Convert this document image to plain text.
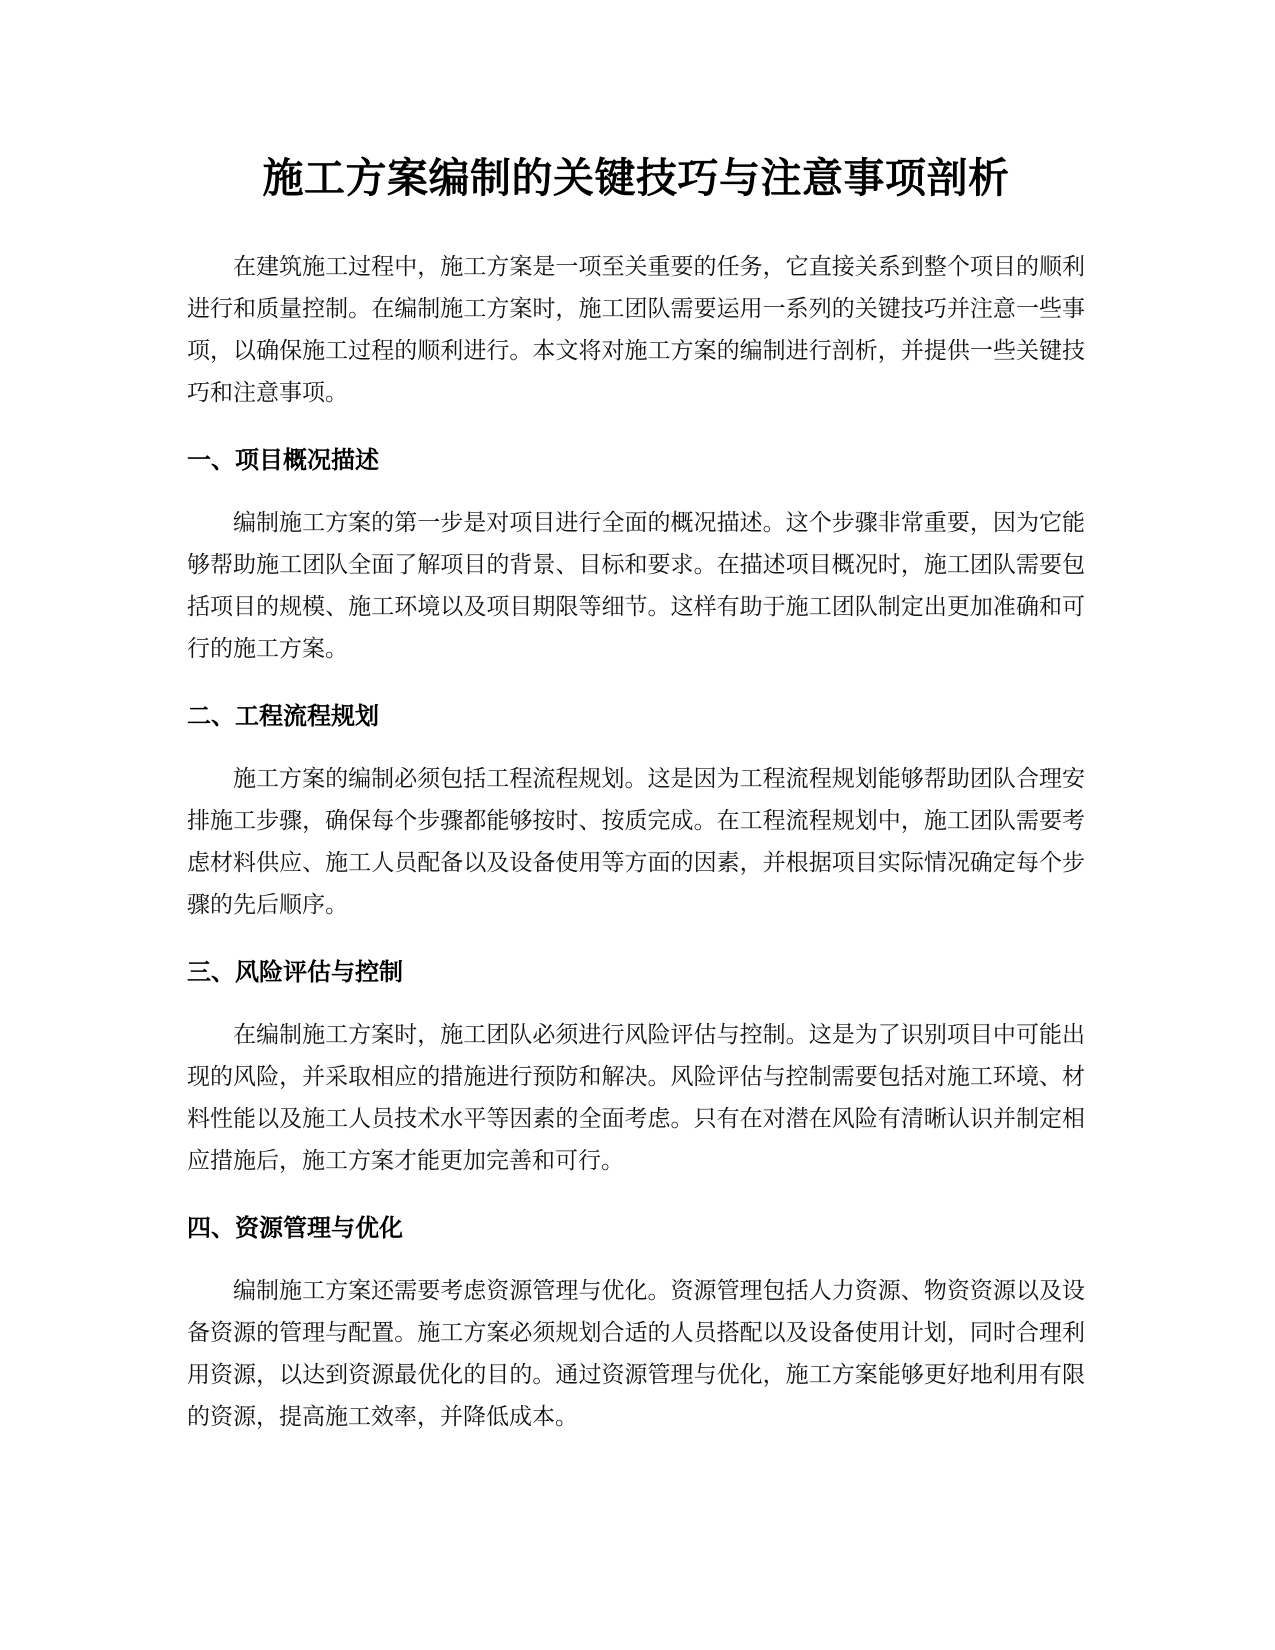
施工方案编制的关键技巧与注意事项剖析

在建筑施工过程中，施工方案是一项至关重要的任务，它直接关系到整个项目的顺利进行和质量控制。在编制施工方案时，施工团队需要运用一系列的关键技巧并注意一些事项，以确保施工过程的顺利进行。本文将对施工方案的编制进行剖析，并提供一些关键技巧和注意事项。

一、项目概况描述

编制施工方案的第一步是对项目进行全面的概况描述。这个步骤非常重要，因为它能够帮助施工团队全面了解项目的背景、目标和要求。在描述项目概况时，施工团队需要包括项目的规模、施工环境以及项目期限等细节。这样有助于施工团队制定出更加准确和可行的施工方案。

二、工程流程规划

施工方案的编制必须包括工程流程规划。这是因为工程流程规划能够帮助团队合理安排施工步骤，确保每个步骤都能够按时、按质完成。在工程流程规划中，施工团队需要考虑材料供应、施工人员配备以及设备使用等方面的因素，并根据项目实际情况确定每个步骤的先后顺序。

三、风险评估与控制

在编制施工方案时，施工团队必须进行风险评估与控制。这是为了识别项目中可能出现的风险，并采取相应的措施进行预防和解决。风险评估与控制需要包括对施工环境、材料性能以及施工人员技术水平等因素的全面考虑。只有在对潜在风险有清晰认识并制定相应措施后，施工方案才能更加完善和可行。

四、资源管理与优化

编制施工方案还需要考虑资源管理与优化。资源管理包括人力资源、物资资源以及设备资源的管理与配置。施工方案必须规划合适的人员搭配以及设备使用计划，同时合理利用资源，以达到资源最优化的目的。通过资源管理与优化，施工方案能够更好地利用有限的资源，提高施工效率，并降低成本。
